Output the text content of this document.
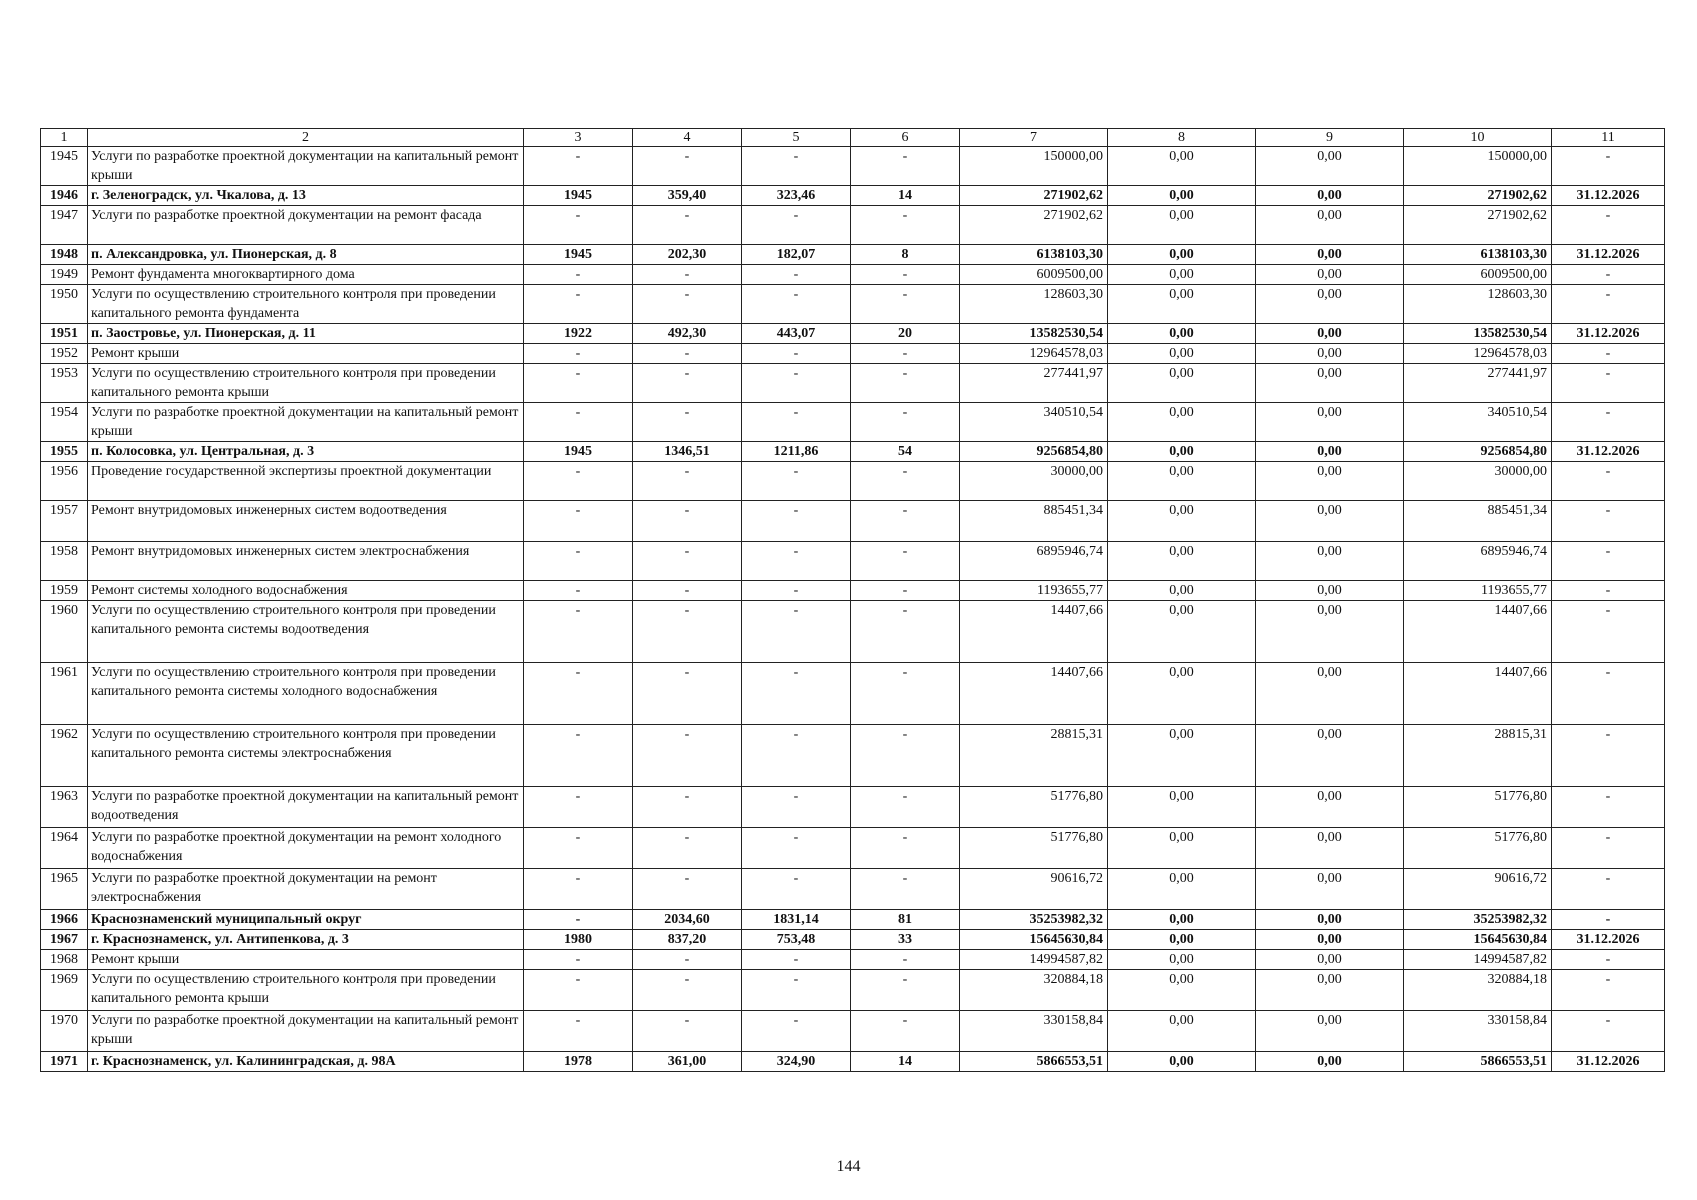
1	2	3	4	5	6	7	8	9	10	11
1945	Услуги по разработке проектной документации на капитальный ремонт крыши	-	-	-	-	150000,00	0,00	0,00	150000,00	-
1946	г. Зеленоградск, ул. Чкалова, д. 13	1945	359,40	323,46	14	271902,62	0,00	0,00	271902,62	31.12.2026
1947	Услуги по разработке проектной документации на ремонт фасада	-	-	-	-	271902,62	0,00	0,00	271902,62	-
1948	п. Александровка, ул. Пионерская, д. 8	1945	202,30	182,07	8	6138103,30	0,00	0,00	6138103,30	31.12.2026
1949	Ремонт фундамента многоквартирного дома	-	-	-	-	6009500,00	0,00	0,00	6009500,00	-
1950	Услуги по осуществлению строительного контроля при проведении капитального ремонта фундамента	-	-	-	-	128603,30	0,00	0,00	128603,30	-
1951	п. Заостровье, ул. Пионерская, д. 11	1922	492,30	443,07	20	13582530,54	0,00	0,00	13582530,54	31.12.2026
1952	Ремонт крыши	-	-	-	-	12964578,03	0,00	0,00	12964578,03	-
1953	Услуги по осуществлению строительного контроля при проведении капитального ремонта крыши	-	-	-	-	277441,97	0,00	0,00	277441,97	-
1954	Услуги по разработке проектной документации на капитальный ремонт крыши	-	-	-	-	340510,54	0,00	0,00	340510,54	-
1955	п. Колосовка, ул. Центральная, д. 3	1945	1346,51	1211,86	54	9256854,80	0,00	0,00	9256854,80	31.12.2026
1956	Проведение государственной экспертизы проектной документации	-	-	-	-	30000,00	0,00	0,00	30000,00	-
1957	Ремонт внутридомовых инженерных систем водоотведения	-	-	-	-	885451,34	0,00	0,00	885451,34	-
1958	Ремонт внутридомовых инженерных систем электроснабжения	-	-	-	-	6895946,74	0,00	0,00	6895946,74	-
1959	Ремонт системы холодного водоснабжения	-	-	-	-	1193655,77	0,00	0,00	1193655,77	-
1960	Услуги по осуществлению строительного контроля при проведении капитального ремонта системы водоотведения	-	-	-	-	14407,66	0,00	0,00	14407,66	-
1961	Услуги по осуществлению строительного контроля при проведении капитального ремонта системы холодного водоснабжения	-	-	-	-	14407,66	0,00	0,00	14407,66	-
1962	Услуги по осуществлению строительного контроля при проведении капитального ремонта системы электроснабжения	-	-	-	-	28815,31	0,00	0,00	28815,31	-
1963	Услуги по разработке проектной документации на капитальный ремонт водоотведения	-	-	-	-	51776,80	0,00	0,00	51776,80	-
1964	Услуги по разработке проектной документации на ремонт холодного водоснабжения	-	-	-	-	51776,80	0,00	0,00	51776,80	-
1965	Услуги по разработке проектной документации на ремонт электроснабжения	-	-	-	-	90616,72	0,00	0,00	90616,72	-
1966	Краснознаменский муниципальный округ	-	2034,60	1831,14	81	35253982,32	0,00	0,00	35253982,32	-
1967	г. Краснознаменск, ул. Антипенкова, д. 3	1980	837,20	753,48	33	15645630,84	0,00	0,00	15645630,84	31.12.2026
1968	Ремонт крыши	-	-	-	-	14994587,82	0,00	0,00	14994587,82	-
1969	Услуги по осуществлению строительного контроля при проведении капитального ремонта крыши	-	-	-	-	320884,18	0,00	0,00	320884,18	-
1970	Услуги по разработке проектной документации на капитальный ремонт крыши	-	-	-	-	330158,84	0,00	0,00	330158,84	-
1971	г. Краснознаменск, ул. Калининградская, д. 98А	1978	361,00	324,90	14	5866553,51	0,00	0,00	5866553,51	31.12.2026
144
